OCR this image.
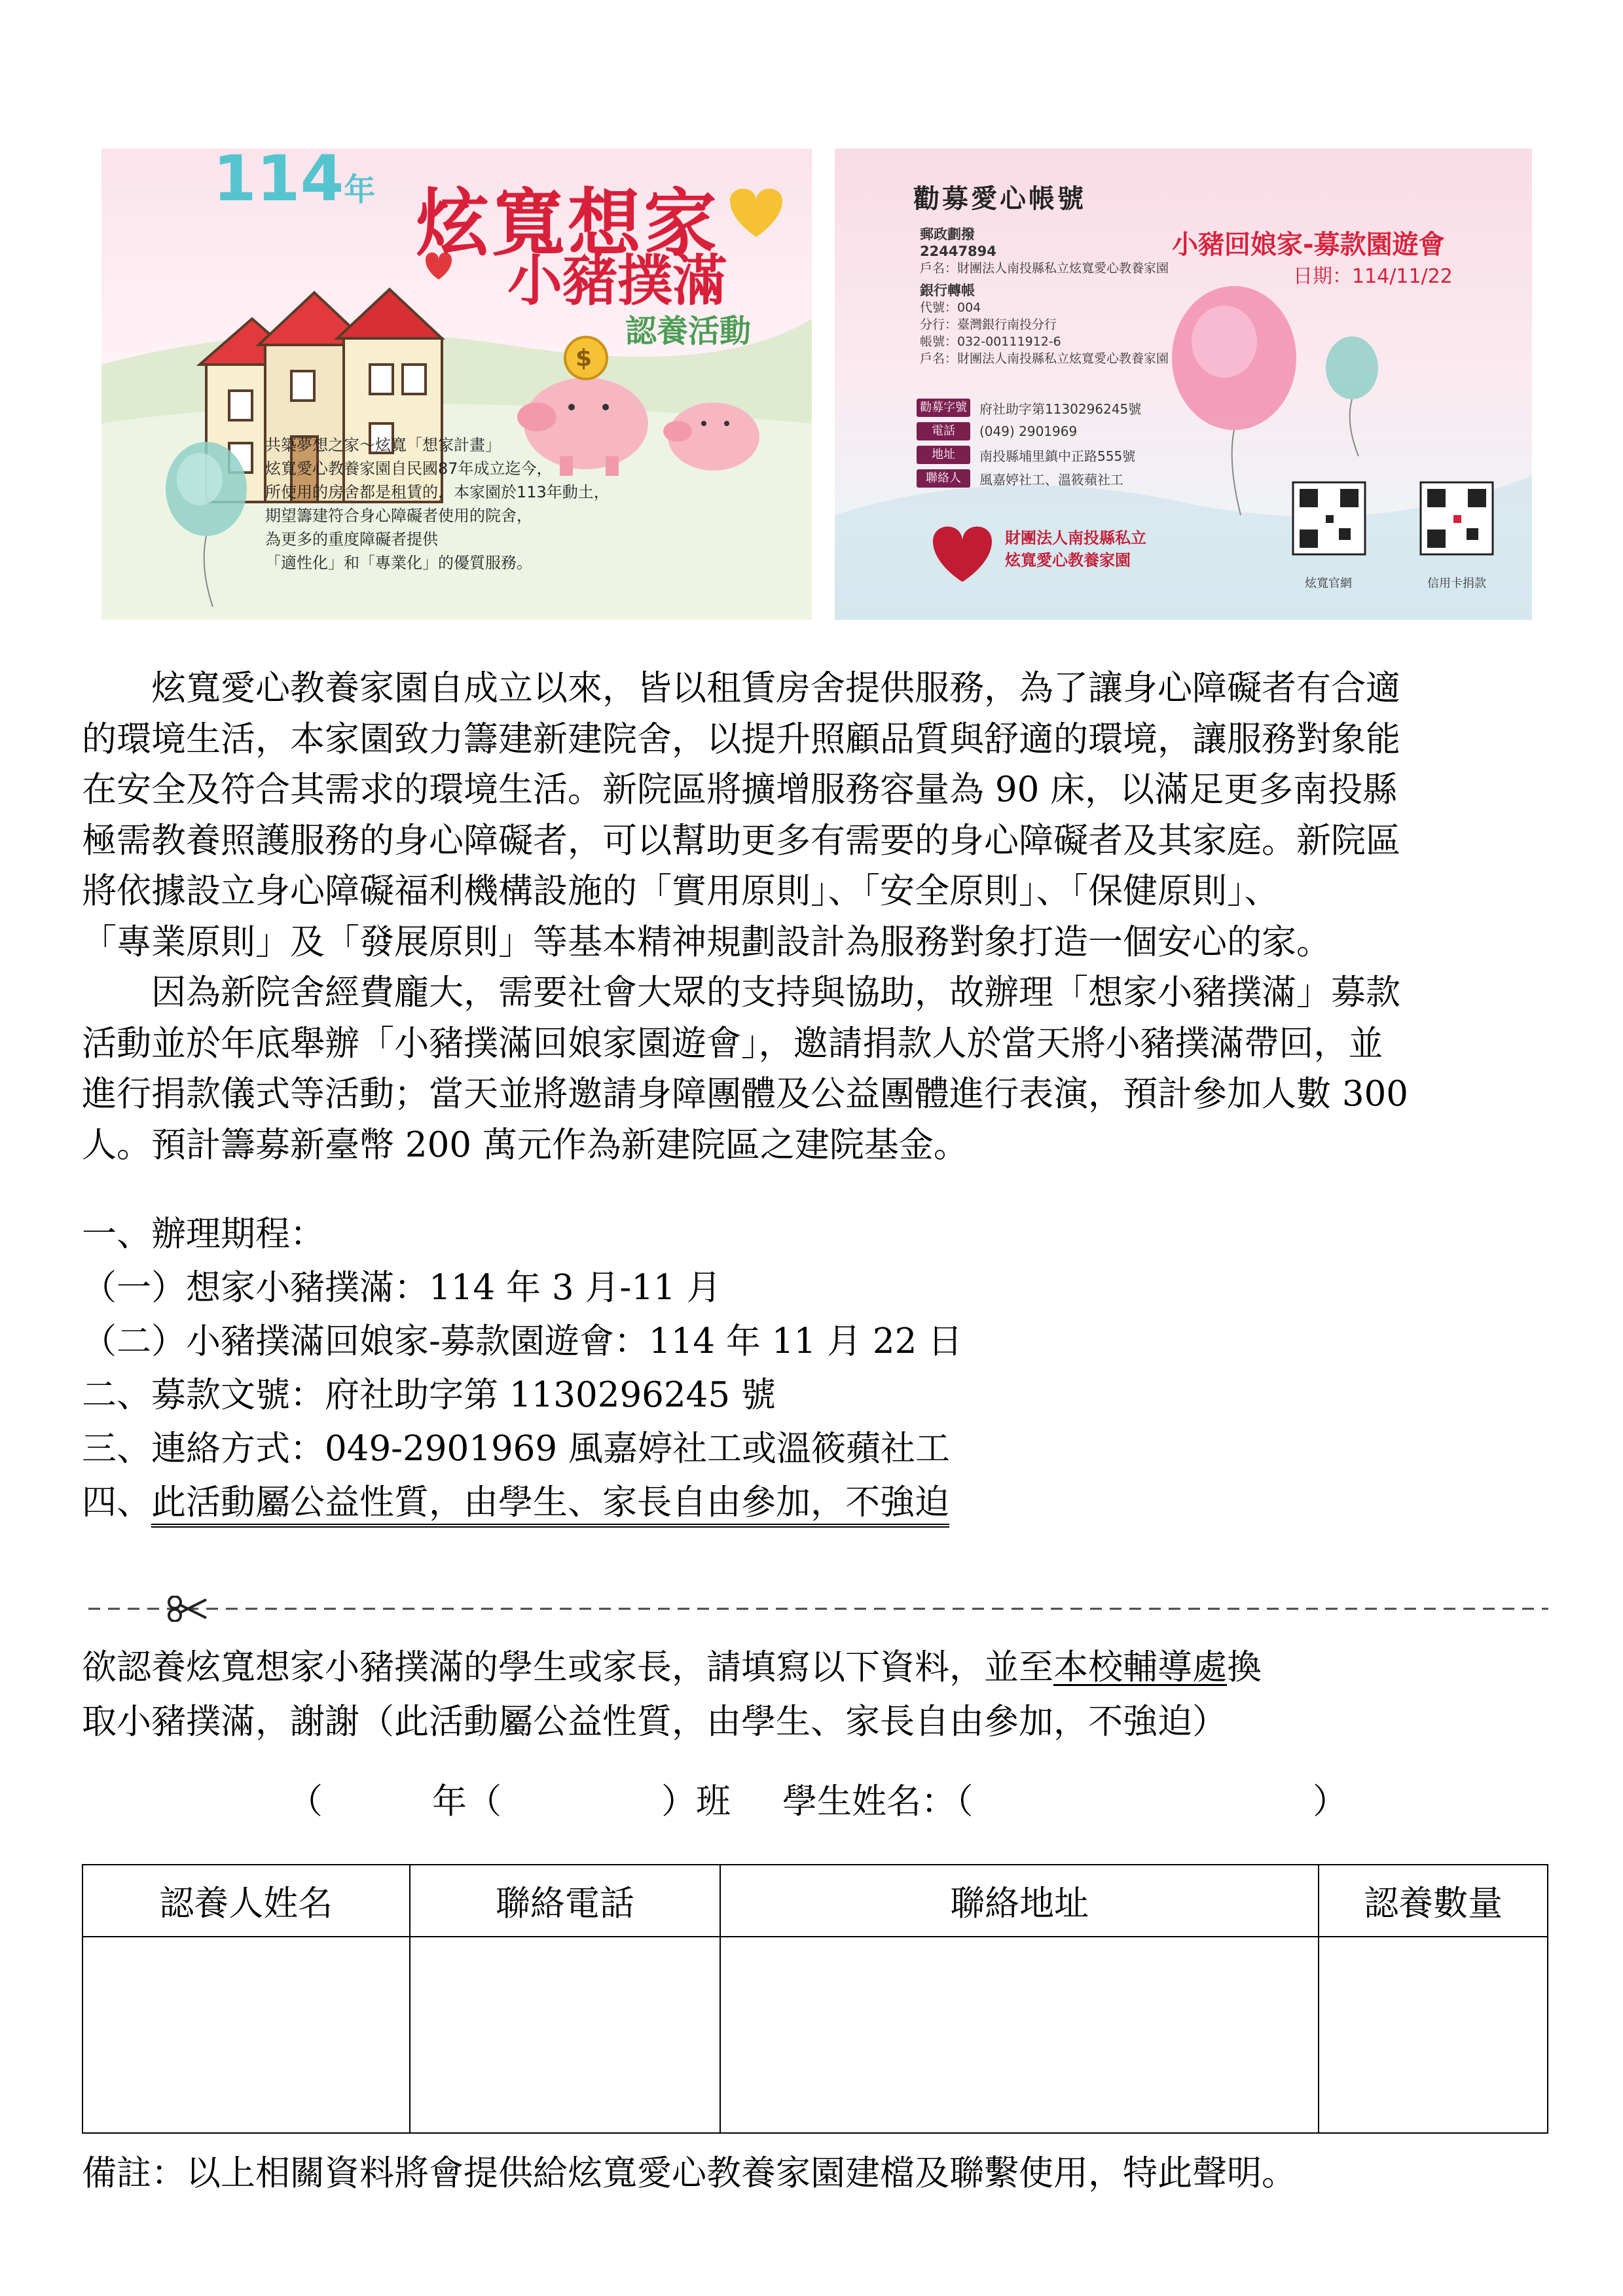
114年 炫寬想家
小豬撲滿
認養活動
$
共築夢想之家～炫寬「想家計畫」
炫寬愛心教養家園自民國87年成立迄今，
所使用的房舍都是租賃的，本家園於113年動土，
期望籌建符合身心障礙者使用的院舍，
為更多的重度障礙者提供
「適性化」和「專業化」的優質服務。
勸募愛心帳號
小豬回娘家-募款園遊會
日期：114/11/22
郵政劃撥
22447894
戶名：財團法人南投縣私立炫寬愛心教養家園
銀行轉帳
代號：004
分行：臺灣銀行南投分行
帳號：032-00111912-6
戶名：財團法人南投縣私立炫寬愛心教養家園
勸募字號 府社助字第1130296245號
電話	(049) 2901969
地址	南投縣埔里鎮中正路555號
聯絡人	風嘉婷社工、溫筱蘋社工
財團法人南投縣私立
炫寬愛心教養家園
炫寬官網	信用卡捐款
　　炫寬愛心教養家園自成立以來，皆以租賃房舍提供服務，為了讓身心障礙者有合適
的環境生活，本家園致力籌建新建院舍，以提升照顧品質與舒適的環境，讓服務對象能
在安全及符合其需求的環境生活。新院區將擴增服務容量為 90 床，以滿足更多南投縣
極需教養照護服務的身心障礙者，可以幫助更多有需要的身心障礙者及其家庭。新院區
將依據設立身心障礙福利機構設施的「實用原則」、「安全原則」、「保健原則」、
「專業原則」及「發展原則」等基本精神規劃設計為服務對象打造一個安心的家。
　　因為新院舍經費龐大，需要社會大眾的支持與協助，故辦理「想家小豬撲滿」募款
活動並於年底舉辦「小豬撲滿回娘家園遊會」，邀請捐款人於當天將小豬撲滿帶回，並
進行捐款儀式等活動；當天並將邀請身障團體及公益團體進行表演，預計參加人數 300
人。預計籌募新臺幣 200 萬元作為新建院區之建院基金。
一、辦理期程：
（一）想家小豬撲滿：114 年 3 月-11 月
（二）小豬撲滿回娘家-募款園遊會：114 年 11 月 22 日
二、募款文號：府社助字第 1130296245 號
三、連絡方式：049-2901969 風嘉婷社工或溫筱蘋社工
四、此活動屬公益性質，由學生、家長自由參加，不強迫
欲認養炫寬想家小豬撲滿的學生或家長，請填寫以下資料，並至本校輔導處換
取小豬撲滿，謝謝（此活動屬公益性質，由學生、家長自由參加，不強迫）
（	年（	）班 學生姓名：（	）
認養人姓名	聯絡電話	聯絡地址	認養數量

備註：以上相關資料將會提供給炫寬愛心教養家園建檔及聯繫使用，特此聲明。
